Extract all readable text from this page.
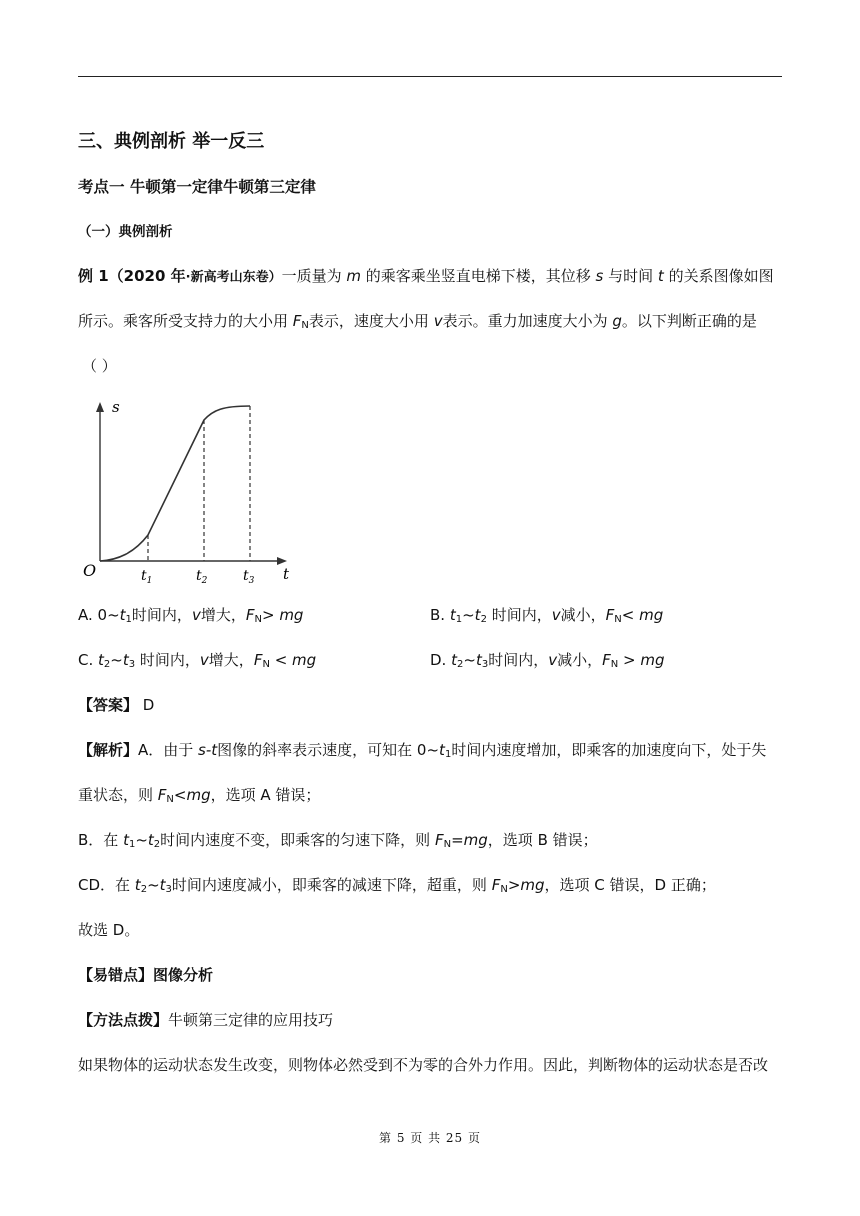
三、典例剖析 举一反三
考点一 牛顿第一定律牛顿第三定律
（一）典例剖析
例 1（2020 年·新高考山东卷）一质量为 m 的乘客乘坐竖直电梯下楼，其位移 s 与时间 t 的关系图像如图
所示。乘客所受支持力的大小用 $F_N$表示，速度大小用 v表示。重力加速度大小为 g。以下判断正确的是
（ ）
s
t
O	$t_1$	$t_2$	$t_3$
A. $0\sim t_1$时间内，v增大，$F_N>$ mg	B. $t_1\sim t_2$ 时间内，v减小，$F_N<$ mg
C. $t_2\sim t_3$ 时间内，v增大，$F_N$ < mg	D. $t_2\sim t_3$时间内，v减小，$F_N$ > mg
【答案】 D
【解析】A．由于 s-t图像的斜率表示速度，可知在 $0\sim t_1$时间内速度增加，即乘客的加速度向下，处于失
重状态，则 $F_N<mg$，选项 A 错误；
B．在 $t_1\sim t_2$时间内速度不变，即乘客的匀速下降，则 $F_N=mg$，选项 B 错误；
CD．在 $t_2\sim t_3$时间内速度减小，即乘客的减速下降，超重，则 $F_N>mg$，选项 C 错误，D 正确；
故选 D。
【易错点】图像分析
【方法点拨】牛顿第三定律的应用技巧
如果物体的运动状态发生改变，则物体必然受到不为零的合外力作用。因此，判断物体的运动状态是否改
第 5 页 共 25 页
